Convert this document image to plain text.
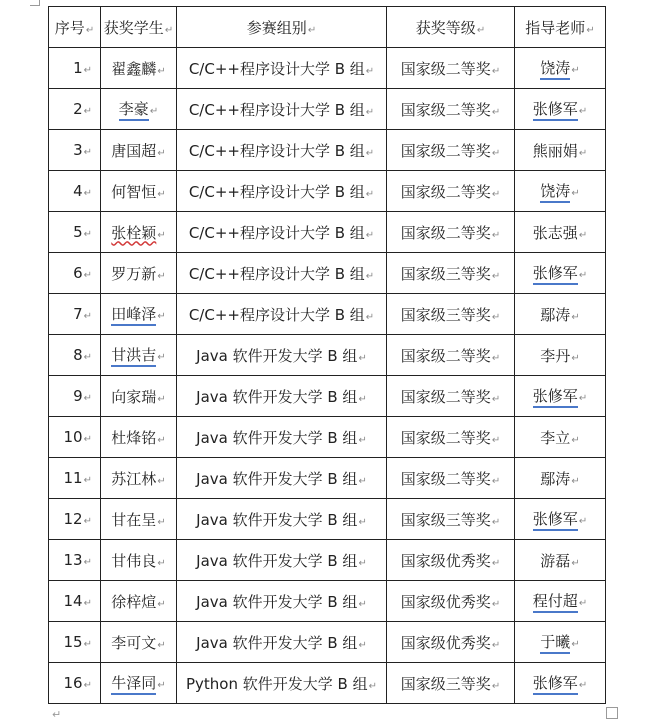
序号↵	获奖学生↵	参赛组别↵	获奖等级↵	指导老师↵
1↵	翟鑫麟↵	C/C++程序设计大学 B 组↵	国家级二等奖↵	饶涛↵
2↵	李豪↵	C/C++程序设计大学 B 组↵	国家级二等奖↵	张修军↵
3↵	唐国超↵	C/C++程序设计大学 B 组↵	国家级二等奖↵	熊丽娟↵
4↵	何智恒↵	C/C++程序设计大学 B 组↵	国家级二等奖↵	饶涛↵
5↵	张栓颖↵	C/C++程序设计大学 B 组↵	国家级二等奖↵	张志强↵
6↵	罗万新↵	C/C++程序设计大学 B 组↵	国家级三等奖↵	张修军↵
7↵	田峰泽↵	C/C++程序设计大学 B 组↵	国家级三等奖↵	鄢涛↵
8↵	甘洪吉↵	Java 软件开发大学 B 组↵	国家级二等奖↵	李丹↵
9↵	向家瑞↵	Java 软件开发大学 B 组↵	国家级二等奖↵	张修军↵
10↵	杜烽铭↵	Java 软件开发大学 B 组↵	国家级二等奖↵	李立↵
11↵	苏江林↵	Java 软件开发大学 B 组↵	国家级二等奖↵	鄢涛↵
12↵	甘在呈↵	Java 软件开发大学 B 组↵	国家级三等奖↵	张修军↵
13↵	甘伟良↵	Java 软件开发大学 B 组↵	国家级优秀奖↵	游磊↵
14↵	徐梓煊↵	Java 软件开发大学 B 组↵	国家级优秀奖↵	程付超↵
15↵	李可文↵	Java 软件开发大学 B 组↵	国家级优秀奖↵	于曦↵
16↵	牛泽同↵	Python 软件开发大学 B 组↵	国家级三等奖↵	张修军↵
↵
